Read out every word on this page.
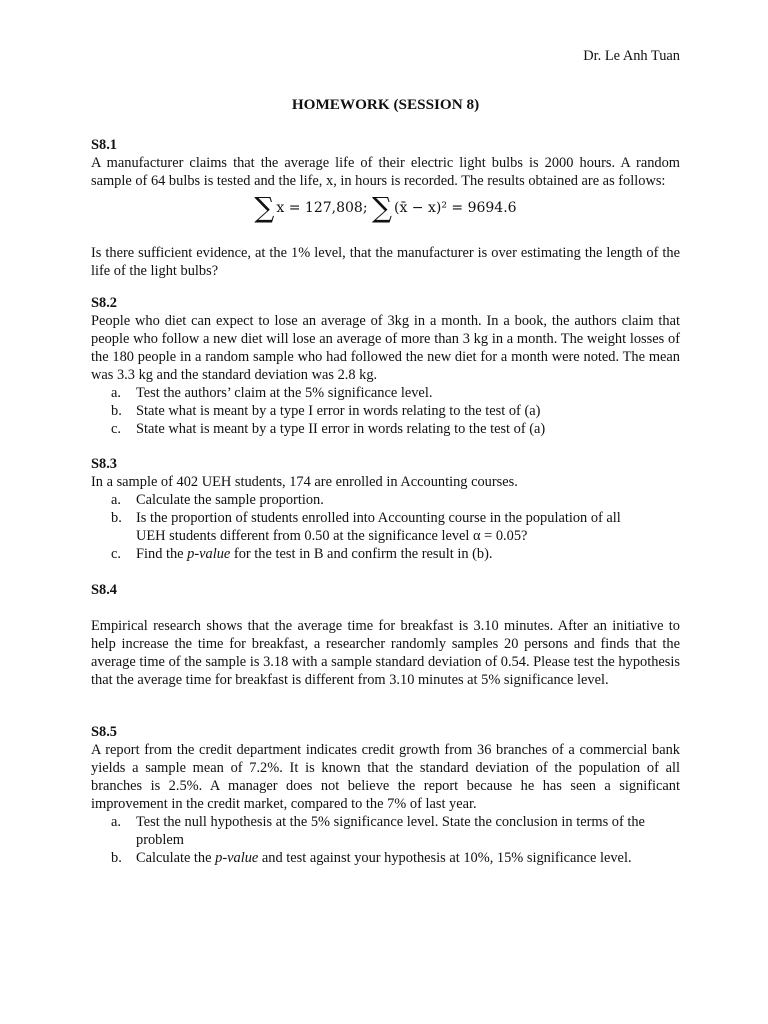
Dr. Le Anh Tuan
HOMEWORK (SESSION 8)

S8.1

A manufacturer claims that the average life of their electric light bulbs is 2000 hours. A random sample of 64 bulbs is tested and the life, x, in hours is recorded. The results obtained are as follows:

∑ x = 127,808; ∑ (x̄ − x)² = 9694.6

Is there sufficient evidence, at the 1% level, that the manufacturer is over estimating the length of the life of the light bulbs?

S8.2

People who diet can expect to lose an average of 3kg in a month. In a book, the authors claim that people who follow a new diet will lose an average of more than 3 kg in a month. The weight losses of the 180 people in a random sample who had followed the new diet for a month were noted. The mean was 3.3 kg and the standard deviation was 2.8 kg.

a. Test the authors’ claim at the 5% significance level.
b. State what is meant by a type I error in words relating to the test of (a)
c. State what is meant by a type II error in words relating to the test of (a)

S8.3

In a sample of 402 UEH students, 174 are enrolled in Accounting courses.

a. Calculate the sample proportion.
b. Is the proportion of students enrolled into Accounting course in the population of all UEH students different from 0.50 at the significance level α = 0.05?
c. Find the p-value for the test in B and confirm the result in (b).

S8.4

Empirical research shows that the average time for breakfast is 3.10 minutes. After an initiative to help increase the time for breakfast, a researcher randomly samples 20 persons and finds that the average time of the sample is 3.18 with a sample standard deviation of 0.54. Please test the hypothesis that the average time for breakfast is different from 3.10 minutes at 5% significance level.

S8.5

A report from the credit department indicates credit growth from 36 branches of a commercial bank yields a sample mean of 7.2%. It is known that the standard deviation of the population of all branches is 2.5%. A manager does not believe the report because he has seen a significant improvement in the credit market, compared to the 7% of last year.

a. Test the null hypothesis at the 5% significance level. State the conclusion in terms of the problem
b. Calculate the p-value and test against your hypothesis at 10%, 15% significance level.
